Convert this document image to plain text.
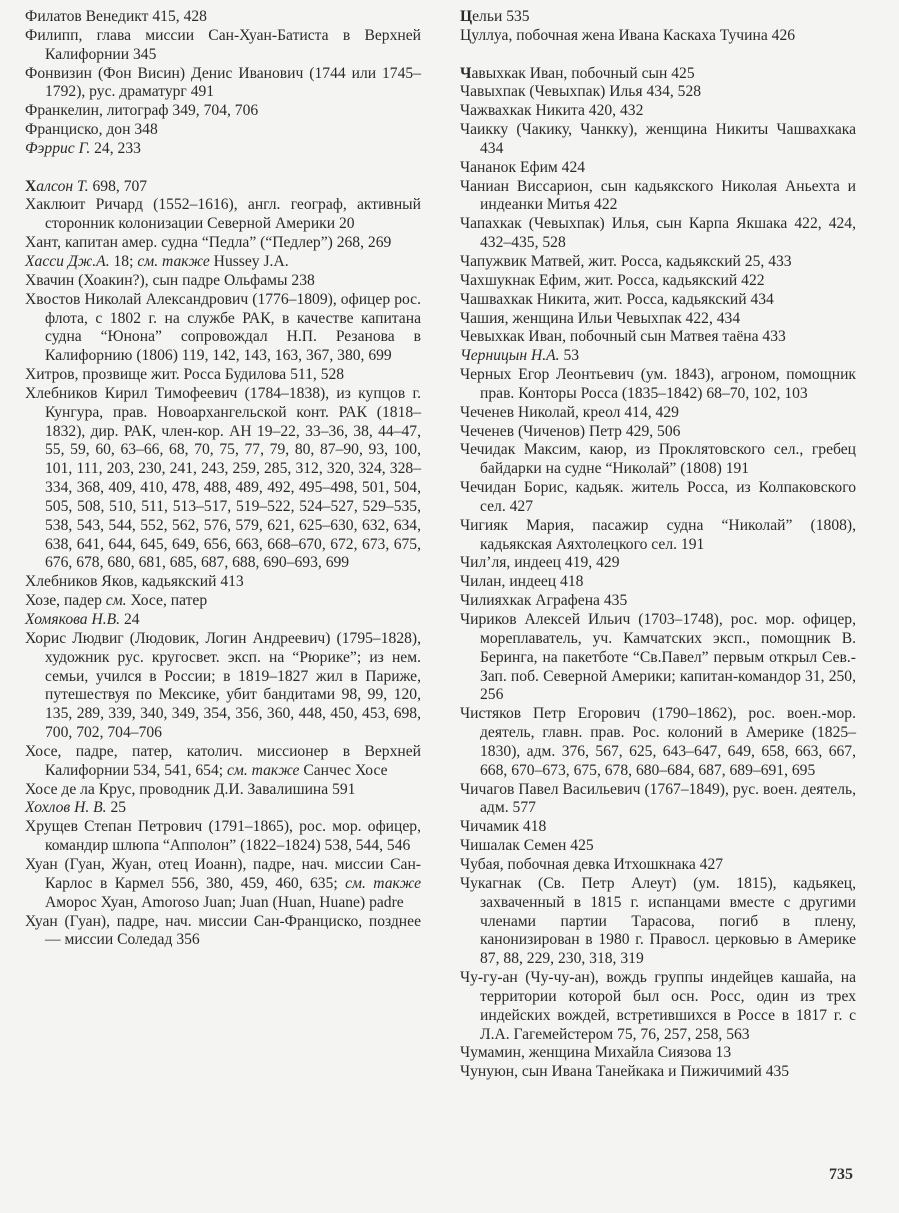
Филатов Венедикт 415, 428

Филипп, глава миссии Сан-Хуан-Батиста в Верхней Калифорнии 345

Фонвизин (Фон Висин) Денис Иванович (1744 или 1745–1792), рус. драматург 491

Франкелин, литограф 349, 704, 706

Франциско, дон 348

Фэррис Г. 24, 233

Халсон Т. 698, 707

Хаклюит Ричард (1552–1616), англ. географ, активный сторонник колонизации Северной Америки 20

Хант, капитан амер. судна “Педла” (“Педлер”) 268, 269

Хасси Дж.А. 18; см. также Hussey J.A.

Хвачин (Хоакин?), сын падре Ольфамы 238

Хвостов Николай Александрович (1776–1809), офицер рос. флота, с 1802 г. на службе РАК, в качестве капитана судна “Юнона” сопровождал Н.П. Резанова в Калифорнию (1806) 119, 142, 143, 163, 367, 380, 699

Хитров, прозвище жит. Росса Будилова 511, 528

Хлебников Кирил Тимофеевич (1784–1838), из купцов г. Кунгура, прав. Новоархангельской конт. РАК (1818–1832), дир. РАК, член-кор. АН 19–22, 33–36, 38, 44–47, 55, 59, 60, 63–66, 68, 70, 75, 77, 79, 80, 87–90, 93, 100, 101, 111, 203, 230, 241, 243, 259, 285, 312, 320, 324, 328–334, 368, 409, 410, 478, 488, 489, 492, 495–498, 501, 504, 505, 508, 510, 511, 513–517, 519–522, 524–527, 529–535, 538, 543, 544, 552, 562, 576, 579, 621, 625–630, 632, 634, 638, 641, 644, 645, 649, 656, 663, 668–670, 672, 673, 675, 676, 678, 680, 681, 685, 687, 688, 690–693, 699

Хлебников Яков, кадьякский 413

Хозе, падер см. Хосе, патер

Хомякова Н.В. 24

Хорис Людвиг (Людовик, Логин Андреевич) (1795–1828), художник рус. кругосвет. эксп. на “Рюрике”; из нем. семьи, учился в России; в 1819–1827 жил в Париже, путешествуя по Мексике, убит бандитами 98, 99, 120, 135, 289, 339, 340, 349, 354, 356, 360, 448, 450, 453, 698, 700, 702, 704–706

Хосе, падре, патер, католич. миссионер в Верхней Калифорнии 534, 541, 654; см. также Санчес Хосе

Хосе де ла Крус, проводник Д.И. Завалишина 591

Хохлов Н. В. 25

Хрущев Степан Петрович (1791–1865), рос. мор. офицер, командир шлюпа “Апполон” (1822–1824) 538, 544, 546

Хуан (Гуан, Жуан, отец Иоанн), падре, нач. миссии Сан-Карлос в Кармел 556, 380, 459, 460, 635; см. также Аморос Хуан, Amoroso Juan; Juan (Huan, Huane) padre

Хуан (Гуан), падре, нач. миссии Сан-Франциско, позднее — миссии Соледад 356

Цельи 535

Цуллуа, побочная жена Ивана Каскаха Тучина 426

Чавыхкак Иван, побочный сын 425

Чавыхпак (Чевыхпак) Илья 434, 528

Чажвахкак Никита 420, 432

Чаикку (Чакику, Чанкку), женщина Никиты Чашвахкака 434

Чананок Ефим 424

Чаниан Виссарион, сын кадьякского Николая Аньехта и индеанки Митья 422

Чапахкак (Чевыхпак) Илья, сын Карпа Якшака 422, 424, 432–435, 528

Чапужвик Матвей, жит. Росса, кадьякский 25, 433

Чахшукнак Ефим, жит. Росса, кадьякский 422

Чашвахкак Никита, жит. Росса, кадьякский 434

Чашия, женщина Ильи Чевыхпак 422, 434

Чевыхкак Иван, побочный сын Матвея таёна 433

Черницын Н.А. 53

Черных Егор Леонтьевич (ум. 1843), агроном, помощник прав. Конторы Росса (1835–1842) 68–70, 102, 103

Чеченев Николай, креол 414, 429

Чеченев (Чиченов) Петр 429, 506

Чечидак Максим, каюр, из Проклятовского сел., гребец байдарки на судне “Николай” (1808) 191

Чечидан Борис, кадьяк. житель Росса, из Колпаковского сел. 427

Чигияк Мария, пасажир судна “Николай” (1808), кадьякская Аяхтолецкого сел. 191

Чил’ля, индеец 419, 429

Чилан, индеец 418

Чилияхкак Аграфена 435

Чириков Алексей Ильич (1703–1748), рос. мор. офицер, мореплаватель, уч. Камчатских эксп., помощник В. Беринга, на пакетботе “Св.Павел” первым открыл Сев.-Зап. поб. Северной Америки; капитан-командор 31, 250, 256

Чистяков Петр Егорович (1790–1862), рос. воен.-мор. деятель, главн. прав. Рос. колоний в Америке (1825–1830), адм. 376, 567, 625, 643–647, 649, 658, 663, 667, 668, 670–673, 675, 678, 680–684, 687, 689–691, 695

Чичагов Павел Васильевич (1767–1849), рус. воен. деятель, адм. 577

Чичамик 418

Чишалак Семен 425

Чубая, побочная девка Итхошкнака 427

Чукагнак (Св. Петр Алеут) (ум. 1815), кадьякец, захваченный в 1815 г. испанцами вместе с другими членами партии Тарасова, погиб в плену, канонизирован в 1980 г. Правосл. церковью в Америке 87, 88, 229, 230, 318, 319

Чу-гу-ан (Чу-чу-ан), вождь группы индейцев кашайа, на территории которой был осн. Росс, один из трех индейских вождей, встретившихся в Россе в 1817 г. с Л.А. Гагемейстером 75, 76, 257, 258, 563

Чумамин, женщина Михайла Сиязова 13

Чунуюн, сын Ивана Танейкака и Пижичимий 435

735
